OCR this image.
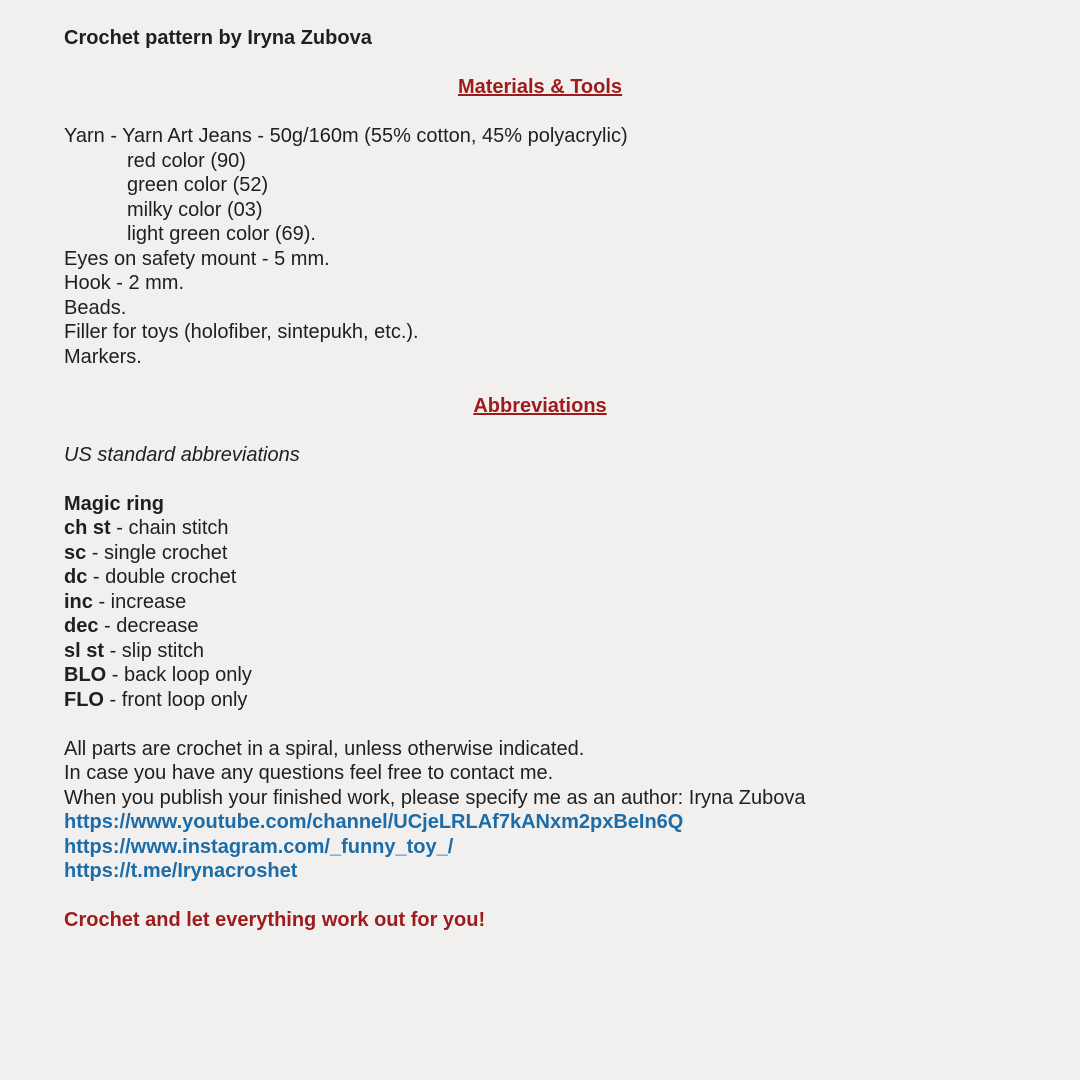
Crochet pattern by Iryna Zubova
Materials & Tools
Yarn - Yarn Art Jeans - 50g/160m (55% cotton, 45% polyacrylic)
red color (90)
green color (52)
milky color (03)
light green color (69).
Eyes on safety mount - 5 mm.
Hook - 2 mm.
Beads.
Filler for toys (holofiber, sintepukh, etc.).
Markers.
Abbreviations
US standard abbreviations
Magic ring
ch st - chain stitch
sc - single crochet
dc - double crochet
inc - increase
dec - decrease
sl st - slip stitch
BLO - back loop only
FLO - front loop only
All parts are crochet in a spiral, unless otherwise indicated.
In case you have any questions feel free to contact me.
When you publish your finished work, please specify me as an author: Iryna Zubova
https://www.youtube.com/channel/UCjeLRLAf7kANxm2pxBeIn6Q
https://www.instagram.com/_funny_toy_/
https://t.me/Irynacroshet
Crochet and let everything work out for you!
